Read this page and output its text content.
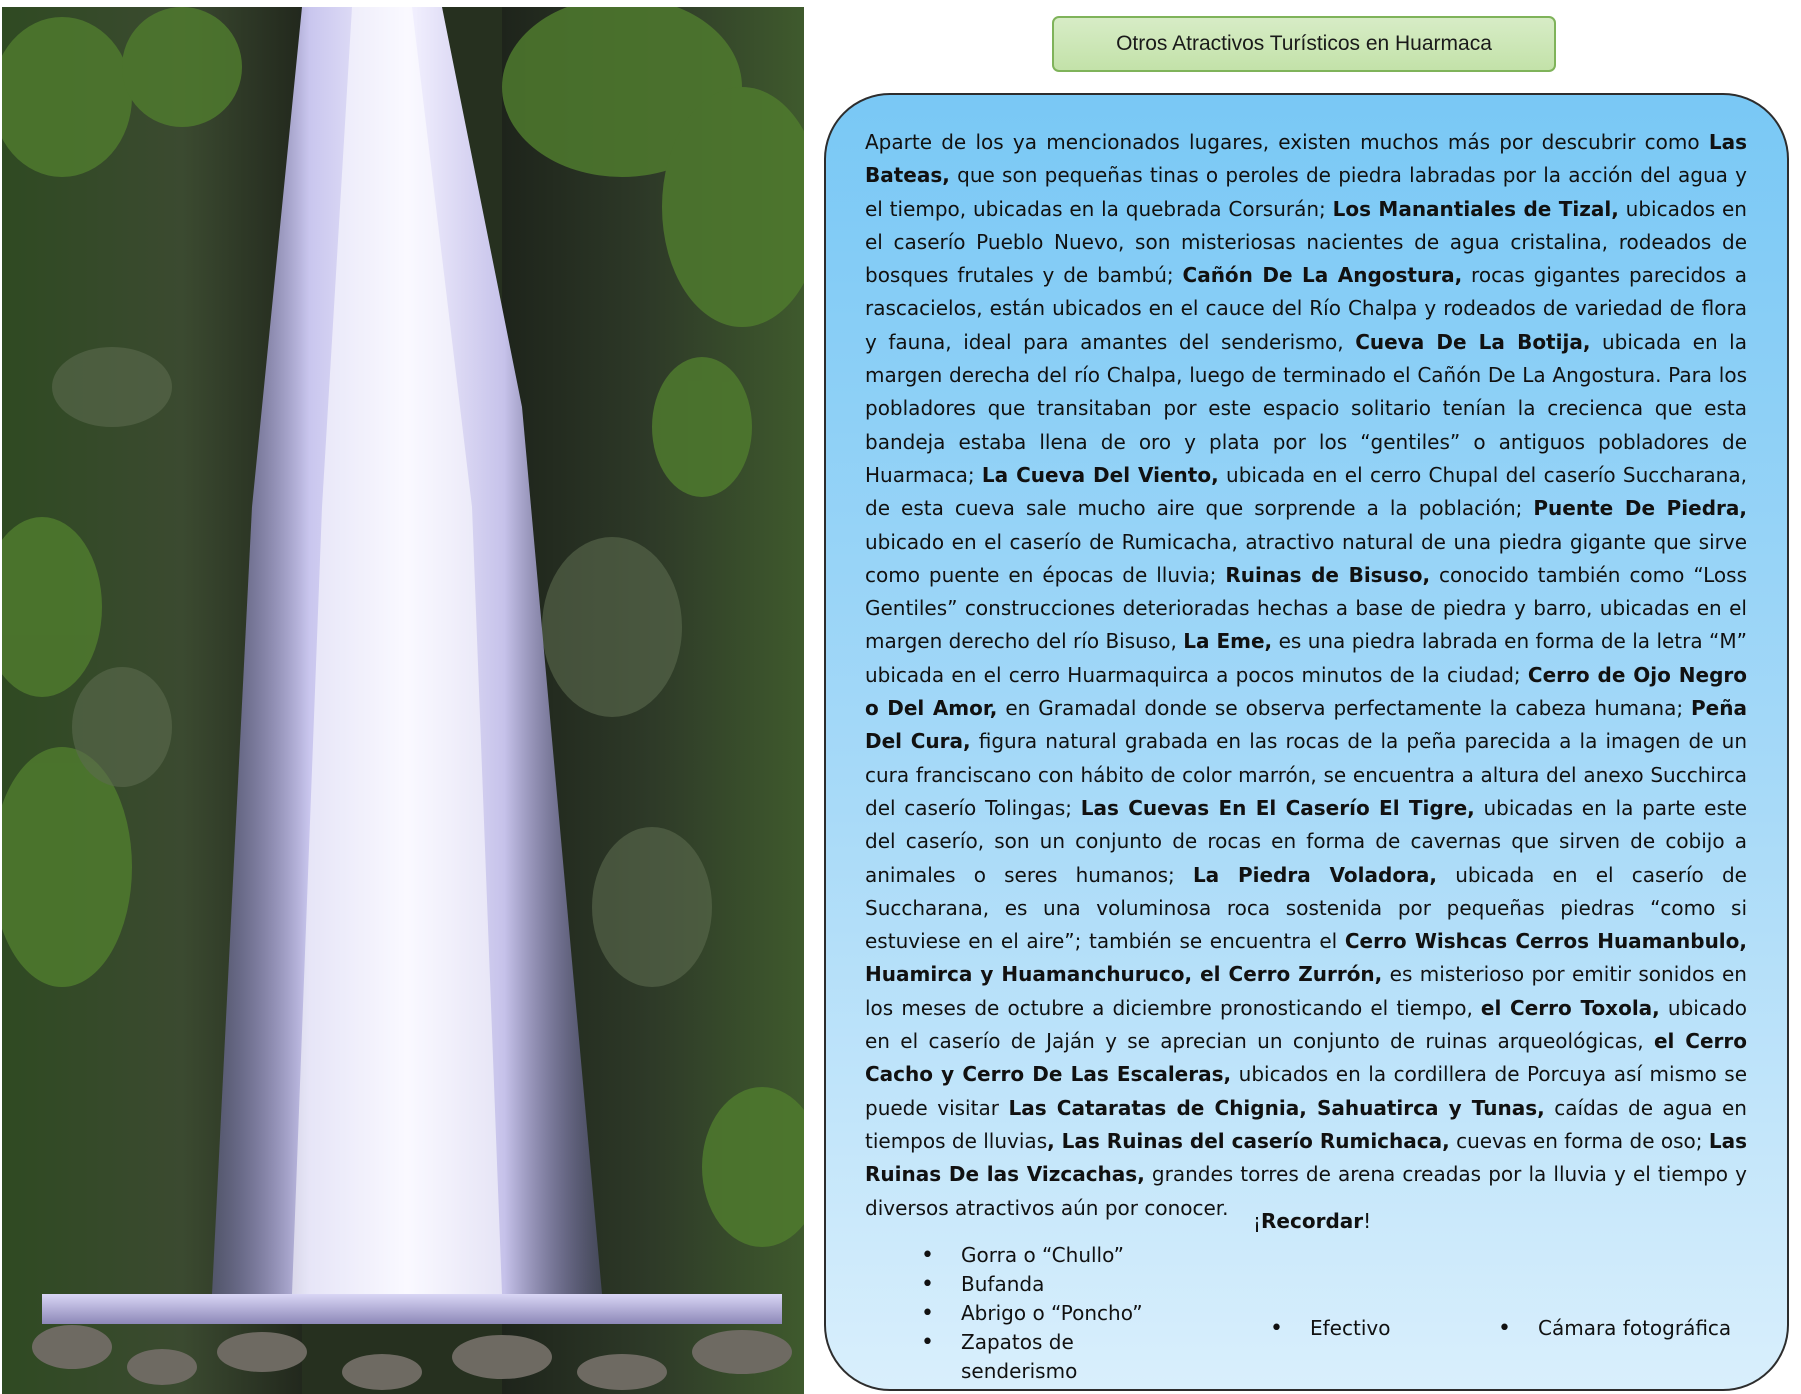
Otros Atractivos Turísticos en Huarmaca

Aparte de los ya mencionados lugares, existen muchos más por descubrir como Las Bateas, que son pequeñas tinas o peroles de piedra labradas por la acción del agua y el tiempo, ubicadas en la quebrada Corsurán; Los Manantiales de Tizal, ubicados en el caserío Pueblo Nuevo, son misteriosas nacientes de agua cristalina, rodeados de bosques frutales y de bambú; Cañón De La Angostura, rocas gigantes parecidos a rascacielos, están ubicados en el cauce del Río Chalpa y rodeados de variedad de flora y fauna, ideal para amantes del senderismo, Cueva De La Botija, ubicada en la margen derecha del río Chalpa, luego de terminado el Cañón De La Angostura. Para los pobladores que transitaban por este espacio solitario tenían la crecienca que esta bandeja estaba llena de oro y plata por los “gentiles” o antiguos pobladores de Huarmaca; La Cueva Del Viento, ubicada en el cerro Chupal del caserío Succharana, de esta cueva sale mucho aire que sorprende a la población; Puente De Piedra, ubicado en el caserío de Rumicacha, atractivo natural de una piedra gigante que sirve como puente en épocas de lluvia; Ruinas de Bisuso, conocido también como “Loss Gentiles” construcciones deterioradas hechas a base de piedra y barro, ubicadas en el margen derecho del río Bisuso, La Eme, es una piedra labrada en forma de la letra “M” ubicada en el cerro Huarmaquirca a pocos minutos de la ciudad; Cerro de Ojo Negro o Del Amor, en Gramadal donde se observa perfectamente la cabeza humana; Peña Del Cura, figura natural grabada en las rocas de la peña parecida a la imagen de un cura franciscano con hábito de color marrón, se encuentra a altura del anexo Succhirca del caserío Tolingas; Las Cuevas En El Caserío El Tigre, ubicadas en la parte este del caserío, son un conjunto de rocas en forma de cavernas que sirven de cobijo a animales o seres humanos; La Piedra Voladora, ubicada en el caserío de Succharana, es una voluminosa roca sostenida por pequeñas piedras “como si estuviese en el aire”; también se encuentra el Cerro Wishcas Cerros Huamanbulo, Huamirca y Huamanchuruco, el Cerro Zurrón, es misterioso por emitir sonidos en los meses de octubre a diciembre pronosticando el tiempo, el Cerro Toxola, ubicado en el caserío de Jaján y se aprecian un conjunto de ruinas arqueológicas, el Cerro Cacho y Cerro De Las Escaleras, ubicados en la cordillera de Porcuya así mismo se puede visitar Las Cataratas de Chignia, Sahuatirca y Tunas, caídas de agua en tiempos de lluvias, Las Ruinas del caserío Rumichaca, cuevas en forma de oso; Las Ruinas De las Vizcachas, grandes torres de arena creadas por la lluvia y el tiempo y diversos atractivos aún por conocer.

¡Recordar!
• Gorra o “Chullo”
• Bufanda
• Abrigo o “Poncho”
• Zapatos de senderismo
• Efectivo
•	Cámara fotográfica
